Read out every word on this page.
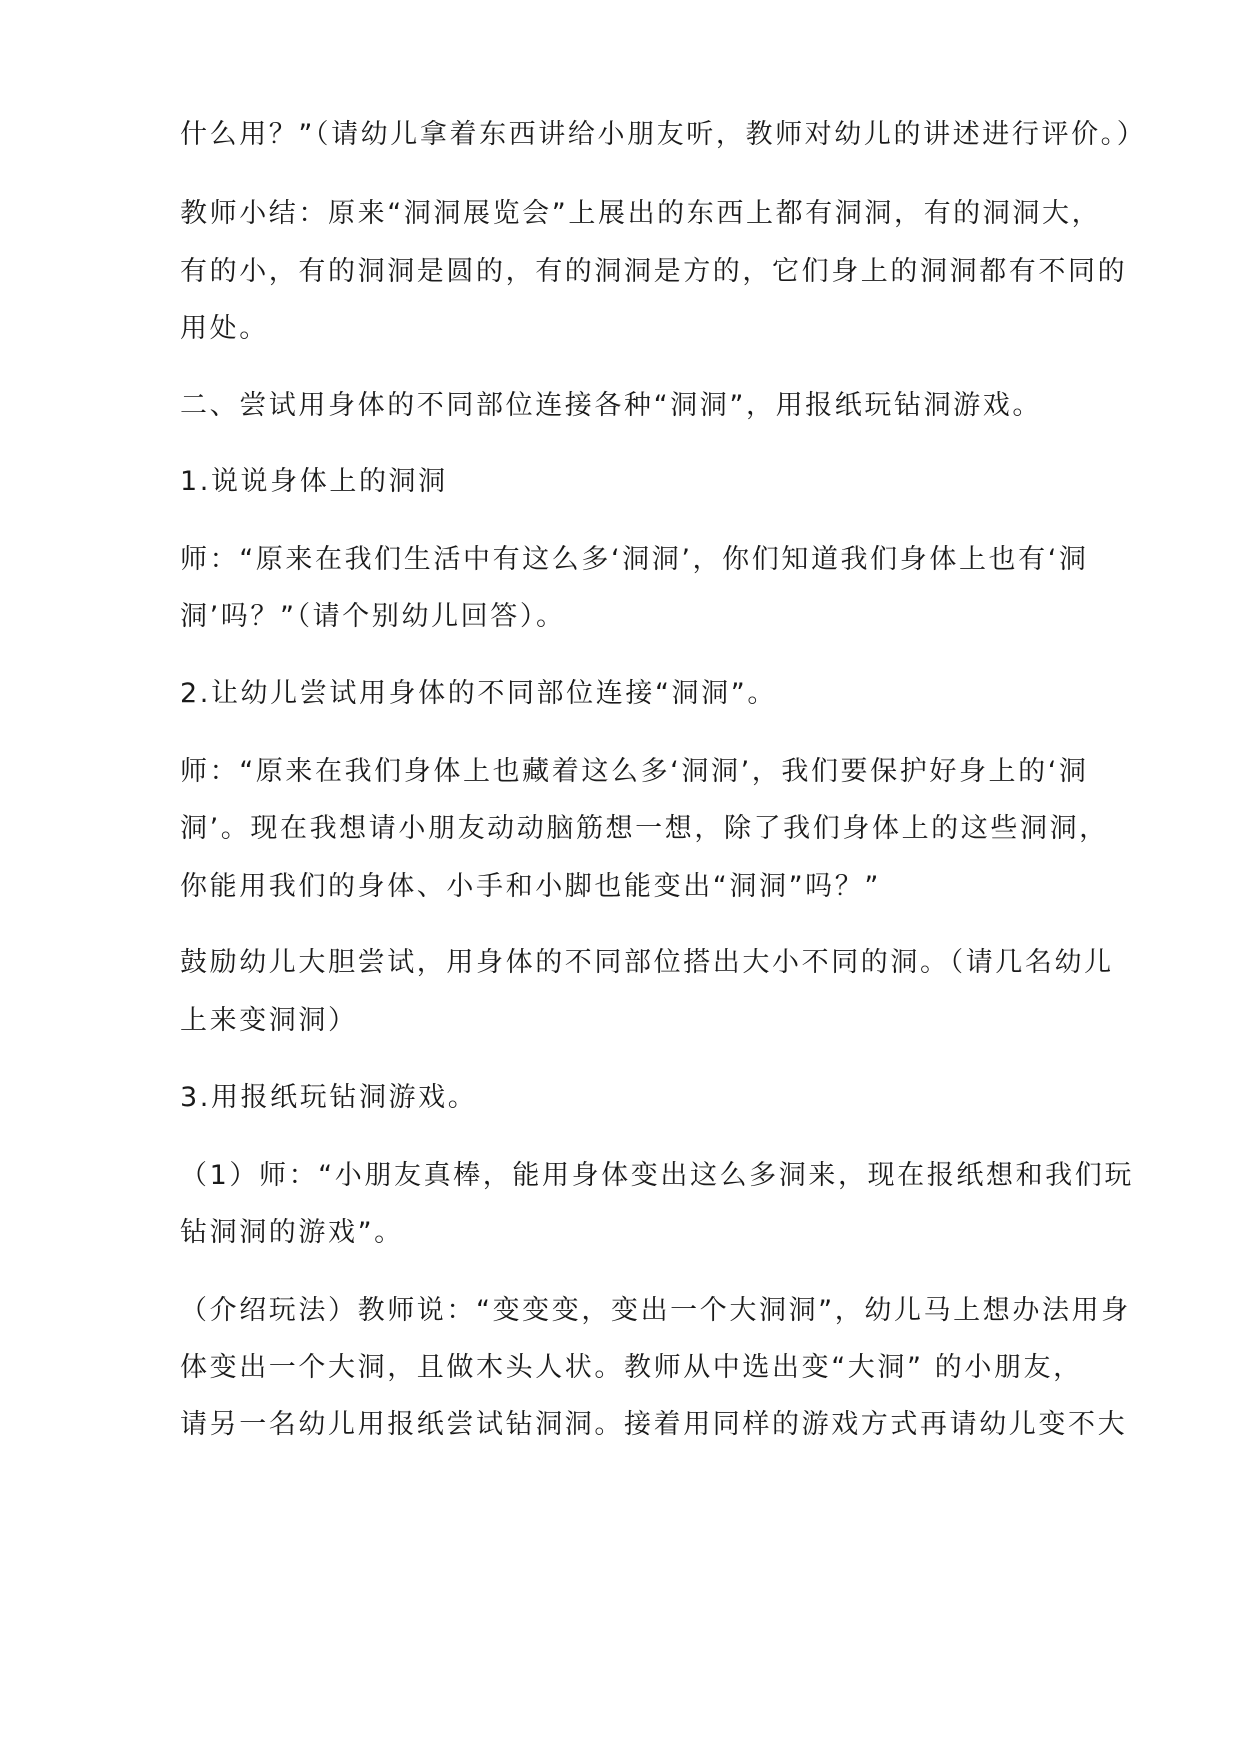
什么用？”（请幼儿拿着东西讲给小朋友听，教师对幼儿的讲述进行评价。）
教师小结：原来“洞洞展览会”上展出的东西上都有洞洞，有的洞洞大，
有的小，有的洞洞是圆的，有的洞洞是方的，它们身上的洞洞都有不同的
用处。
二、尝试用身体的不同部位连接各种“洞洞”，用报纸玩钻洞游戏。
1.说说身体上的洞洞
师：“原来在我们生活中有这么多‘洞洞’，你们知道我们身体上也有‘洞
洞’吗？”（请个别幼儿回答）。
2.让幼儿尝试用身体的不同部位连接“洞洞”。
师：“原来在我们身体上也藏着这么多‘洞洞’，我们要保护好身上的‘洞
洞’。现在我想请小朋友动动脑筋想一想，除了我们身体上的这些洞洞，
你能用我们的身体、小手和小脚也能变出“洞洞”吗？”
鼓励幼儿大胆尝试，用身体的不同部位搭出大小不同的洞。（请几名幼儿
上来变洞洞）
3.用报纸玩钻洞游戏。
（1）师：“小朋友真棒，能用身体变出这么多洞来，现在报纸想和我们玩
钻洞洞的游戏”。
（介绍玩法）教师说：“变变变，变出一个大洞洞”，幼儿马上想办法用身
体变出一个大洞，且做木头人状。教师从中选出变“大洞” 的小朋友，
请另一名幼儿用报纸尝试钻洞洞。接着用同样的游戏方式再请幼儿变不大
